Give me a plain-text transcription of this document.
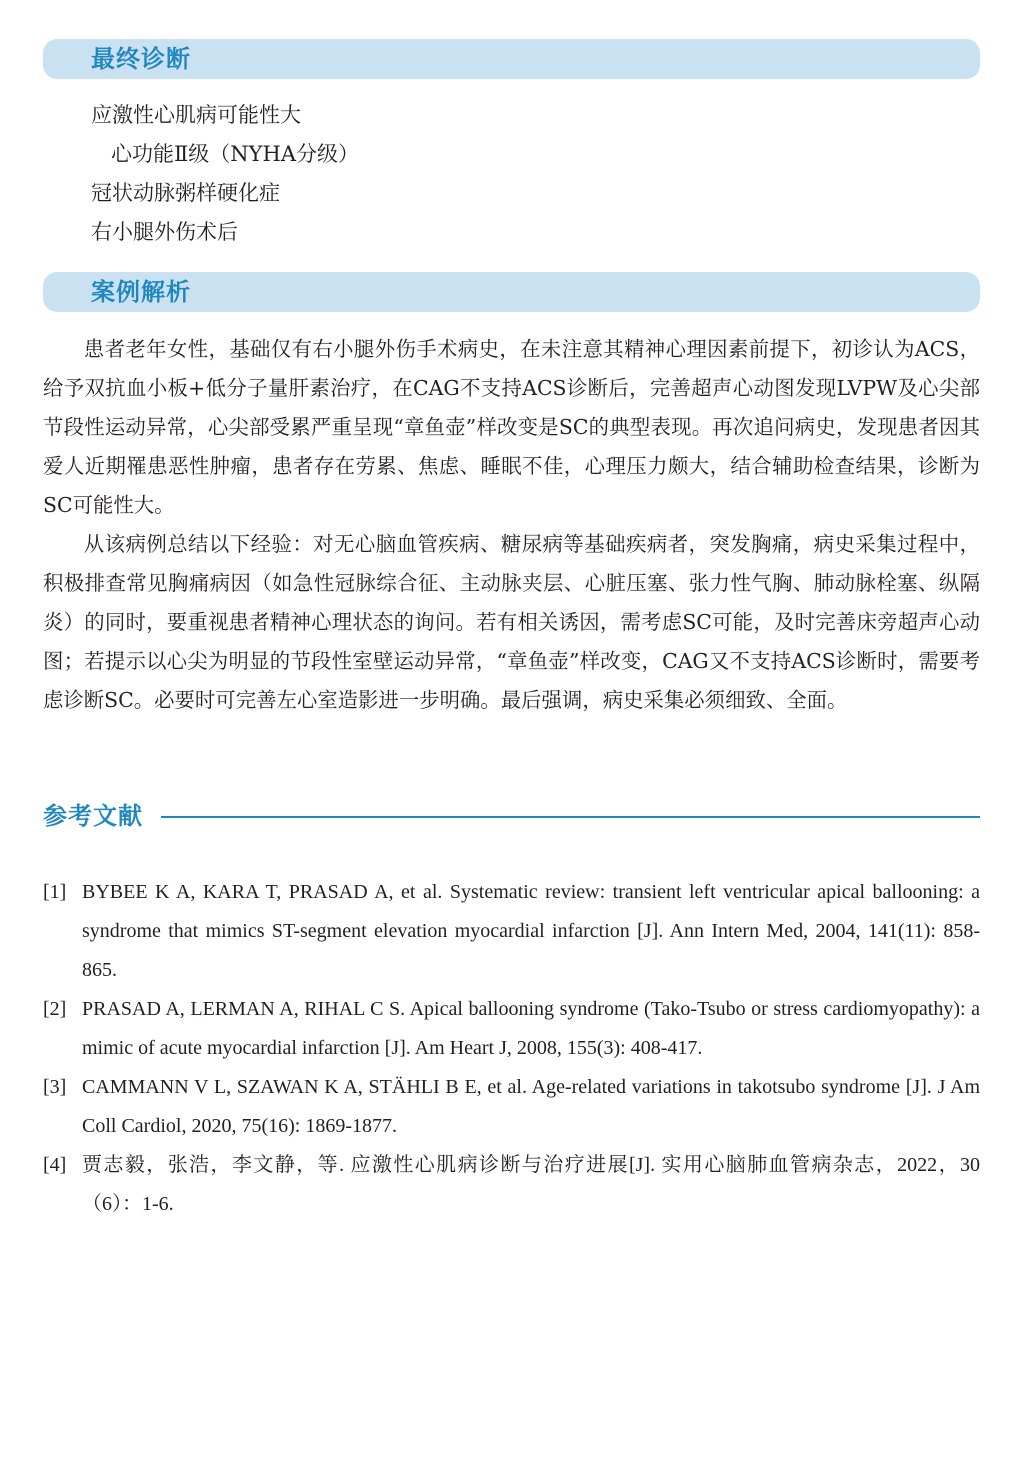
最终诊断
应激性心肌病可能性大
心功能Ⅱ级（NYHA分级）
冠状动脉粥样硬化症
右小腿外伤术后
案例解析

患者老年女性，基础仅有右小腿外伤手术病史，在未注意其精神心理因素前提下，初诊认为ACS，给予双抗血小板+低分子量肝素治疗，在CAG不支持ACS诊断后，完善超声心动图发现LVPW及心尖部节段性运动异常，心尖部受累严重呈现“章鱼壶”样改变是SC的典型表现。再次追问病史，发现患者因其爱人近期罹患恶性肿瘤，患者存在劳累、焦虑、睡眠不佳，心理压力颇大，结合辅助检查结果，诊断为SC可能性大。

从该病例总结以下经验：对无心脑血管疾病、糖尿病等基础疾病者，突发胸痛，病史采集过程中，积极排查常见胸痛病因（如急性冠脉综合征、主动脉夹层、心脏压塞、张力性气胸、肺动脉栓塞、纵隔炎）的同时，要重视患者精神心理状态的询问。若有相关诱因，需考虑SC可能，及时完善床旁超声心动图；若提示以心尖为明显的节段性室壁运动异常，“章鱼壶”样改变，CAG又不支持ACS诊断时，需要考虑诊断SC。必要时可完善左心室造影进一步明确。最后强调，病史采集必须细致、全面。

参考文献
[1] BYBEE K A, KARA T, PRASAD A, et al. Systematic review: transient left ventricular apical ballooning: a syndrome that mimics ST-segment elevation myocardial infarction [J]. Ann Intern Med, 2004, 141(11): 858-865.
[2] PRASAD A, LERMAN A, RIHAL C S. Apical ballooning syndrome (Tako-Tsubo or stress cardiomyopathy): a mimic of acute myocardial infarction [J]. Am Heart J, 2008, 155(3): 408-417.
[3] CAMMANN V L, SZAWAN K A, STÄHLI B E, et al. Age-related variations in takotsubo syndrome [J]. J Am Coll Cardiol, 2020, 75(16): 1869-1877.
[4] 贾志毅，张浩，李文静，等. 应激性心肌病诊断与治疗进展[J]. 实用心脑肺血管病杂志，2022，30（6）：1-6.
